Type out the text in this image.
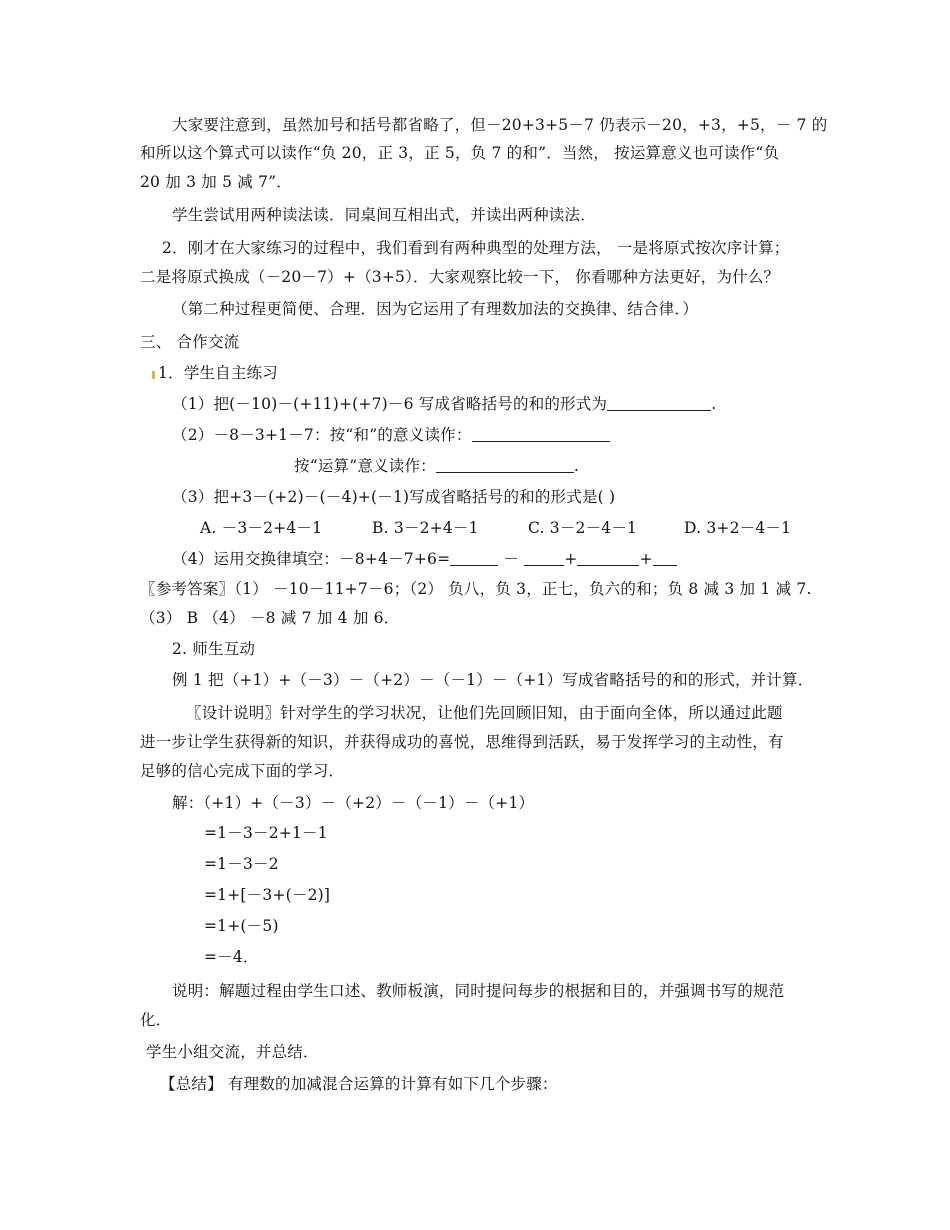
大家要注意到，虽然加号和括号都省略了，但－20+3+5－7 仍表示－20，+3，+5，－ 7 的
和所以这个算式可以读作“负 20，正 3，正 5，负 7 的和”．当然， 按运算意义也可读作“负
20 加 3 加 5 减 7”．
学生尝试用两种读法读．同桌间互相出式，并读出两种读法．
2．刚才在大家练习的过程中，我们看到有两种典型的处理方法， 一是将原式按次序计算；
二是将原式换成（－20－7）+（3+5）．大家观察比较一下， 你看哪种方法更好，为什么？
（第二种过程更简便、合理．因为它运用了有理数加法的交换律、结合律．）
三、 合作交流
1．学生自主练习
（1）把(－10)－(+11)+(+7)－6 写成省略括号的和的形式为	.
（2）－8－3+1－7：按“和”的意义读作：
按“运算”意义读作：	.
（3）把+3－(+2)－(－4)+(－1)写成省略括号的和的形式是( )
A. －3－2+4－1	B. 3－2+4－1	C. 3－2－4－1	D. 3+2－4－1
（4）运用交换律填空：－8+4－7+6=	－	+	+
〖参考答案〗（1） －10－11+7－6；（2） 负八，负 3，正七，负六的和；负 8 减 3 加 1 减 7.
（3） B （4） －8 减 7 加 4 加 6．
2. 师生互动
例 1 把（+1）+（－3）－（+2）－（－1）－（+1）写成省略括号的和的形式，并计算．
〖设计说明〗针对学生的学习状况，让他们先回顾旧知，由于面向全体，所以通过此题
进一步让学生获得新的知识，并获得成功的喜悦，思维得到活跃，易于发挥学习的主动性，有
足够的信心完成下面的学习．
解：（+1）+（－3）－（+2）－（－1）－（+1）
=1－3－2+1－1
=1－3－2
=1+[－3+(－2)]
=1+(－5)
=－4．
说明：解题过程由学生口述、教师板演，同时提问每步的根据和目的，并强调书写的规范
化．
学生小组交流，并总结．
【总结】 有理数的加减混合运算的计算有如下几个步骤：
